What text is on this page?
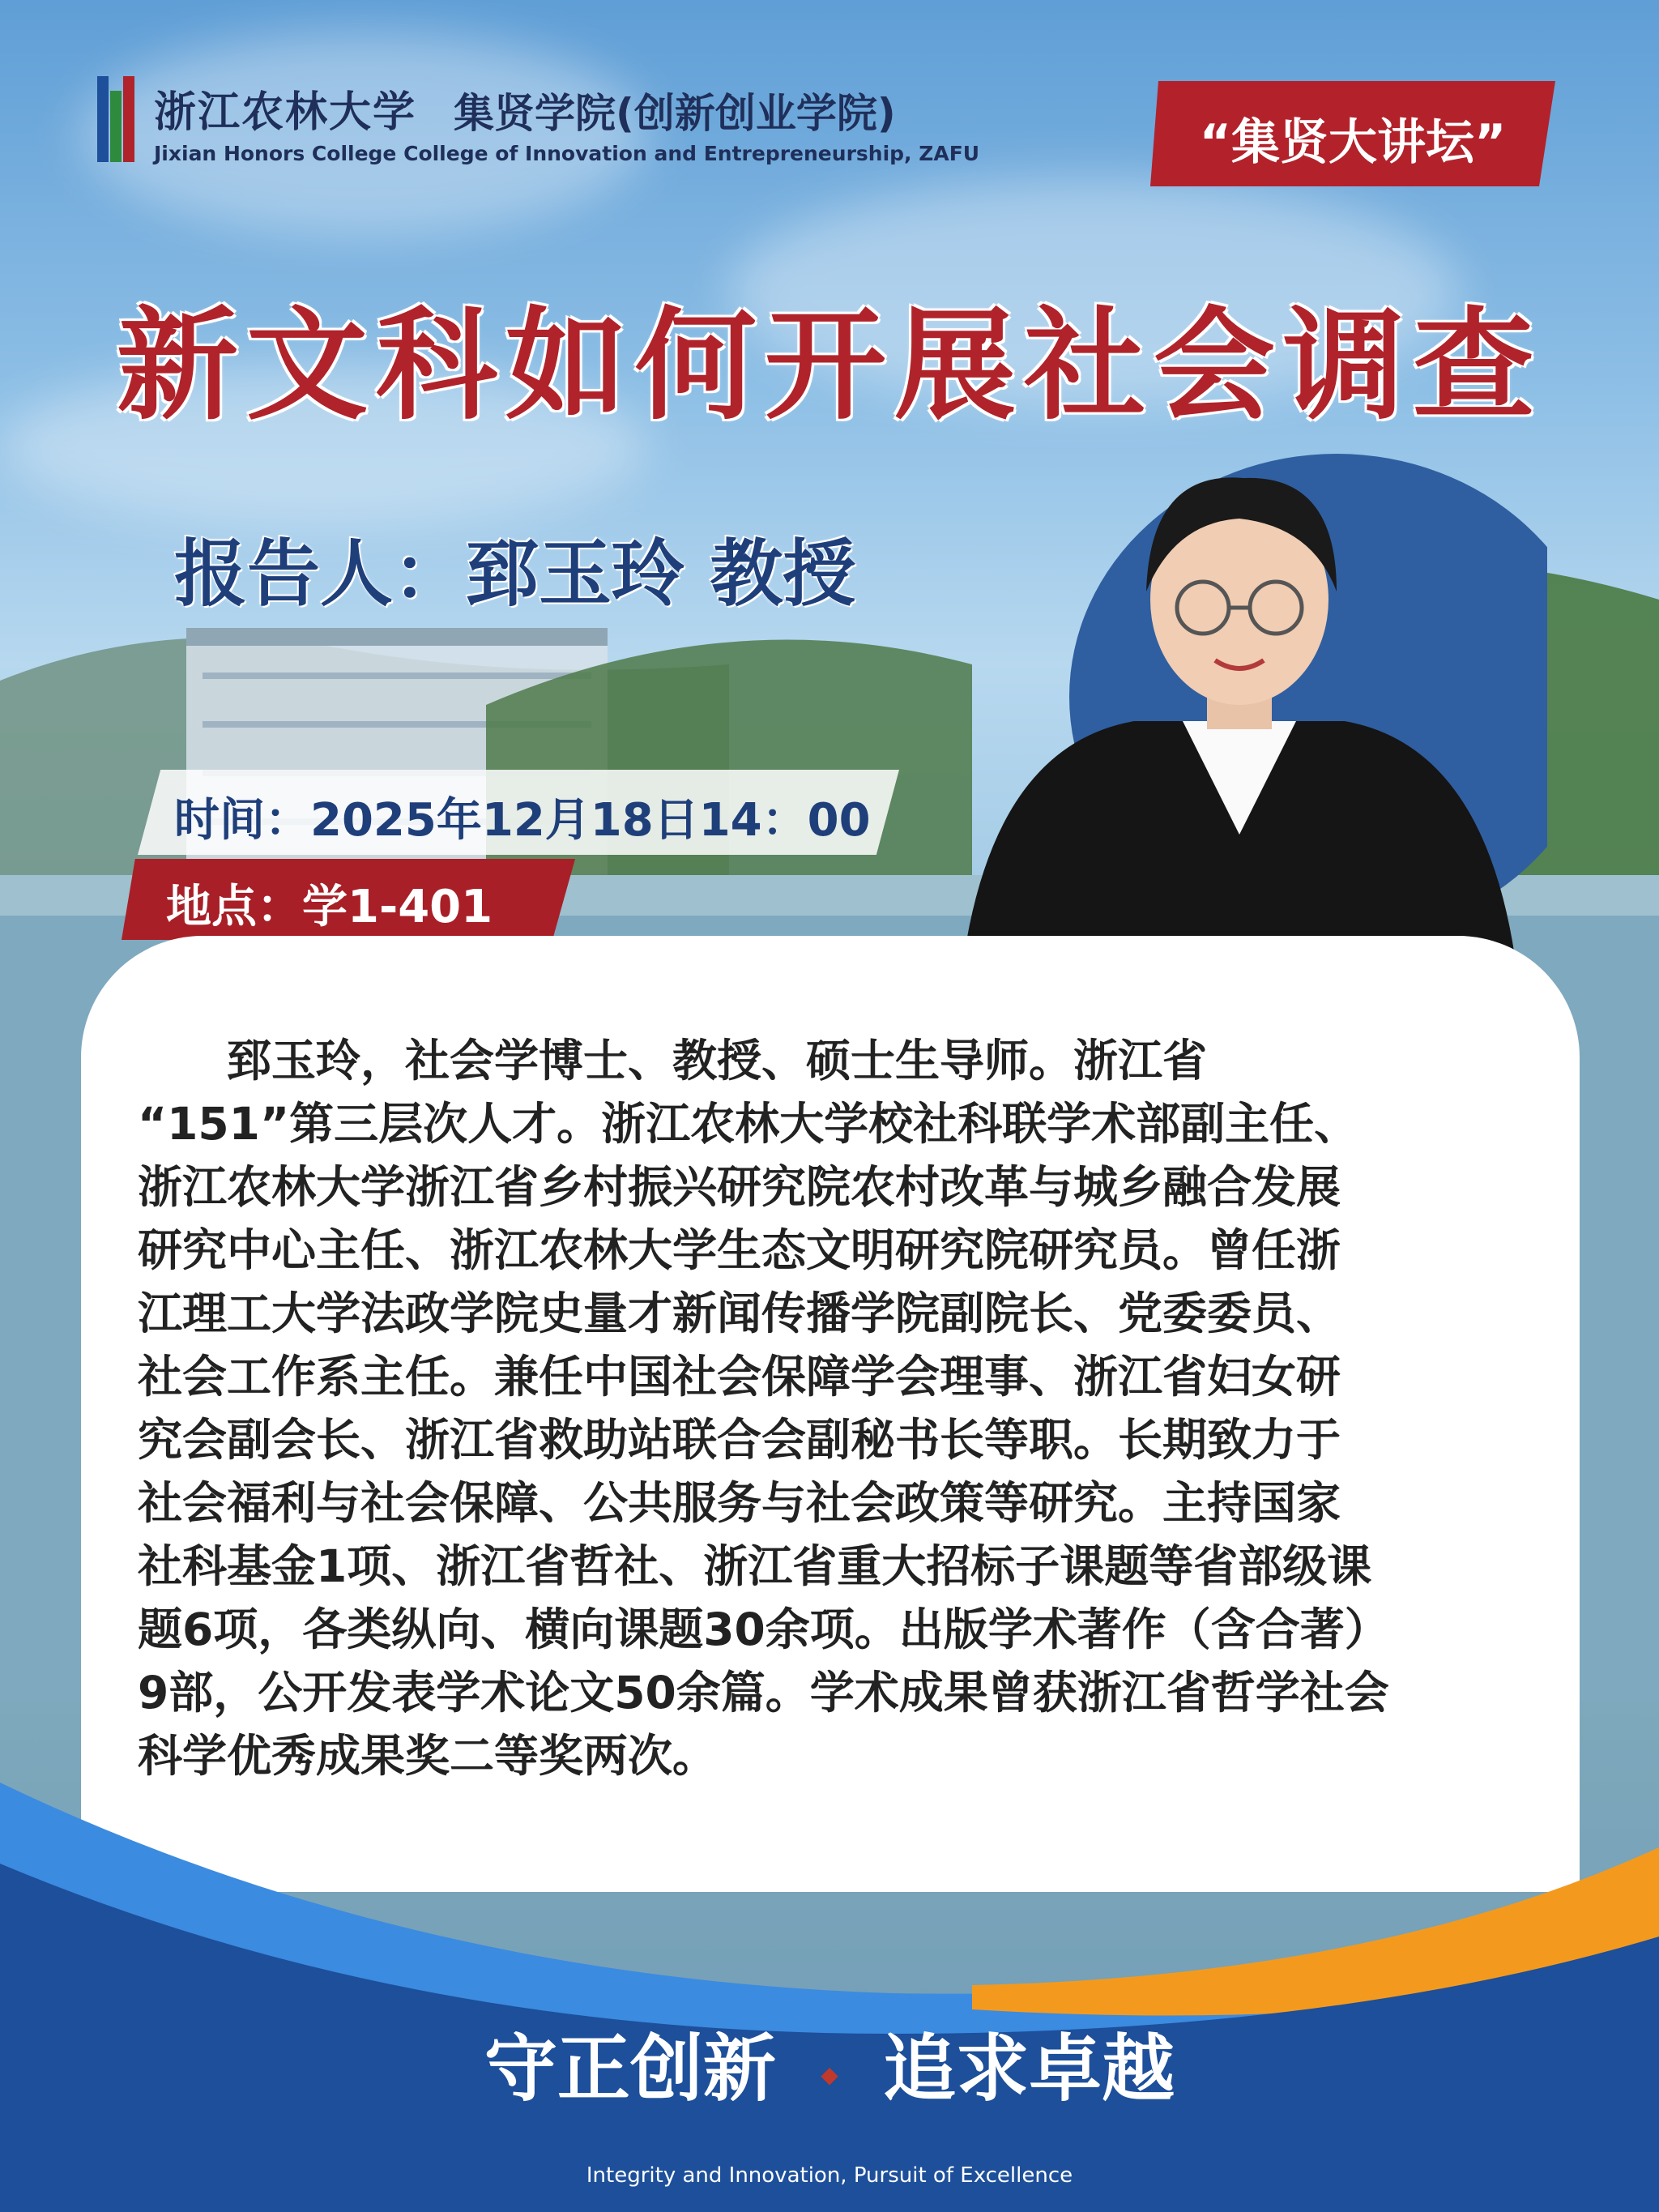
浙江农林大学 集贤学院(创新创业学院)
Jixian Honors College College of Innovation and Entrepreneurship, ZAFU	“集贤大讲坛”
新文科如何开展社会调查
报告人：郅玉玲 教授
时间：2025年12月18日14：00
地点：学1-401
　　郅玉玲，社会学博士、教授、硕士生导师。浙江省
“151”第三层次人才。浙江农林大学校社科联学术部副主任、
浙江农林大学浙江省乡村振兴研究院农村改革与城乡融合发展
研究中心主任、浙江农林大学生态文明研究院研究员。曾任浙
江理工大学法政学院史量才新闻传播学院副院长、党委委员、
社会工作系主任。兼任中国社会保障学会理事、浙江省妇女研
究会副会长、浙江省救助站联合会副秘书长等职。长期致力于
社会福利与社会保障、公共服务与社会政策等研究。主持国家
社科基金1项、浙江省哲社、浙江省重大招标子课题等省部级课
题6项，各类纵向、横向课题30余项。出版学术著作（含合著）
9部，公开发表学术论文50余篇。学术成果曾获浙江省哲学社会
科学优秀成果奖二等奖两次。
守正创新 ◆ 追求卓越
Integrity and Innovation, Pursuit of Excellence
